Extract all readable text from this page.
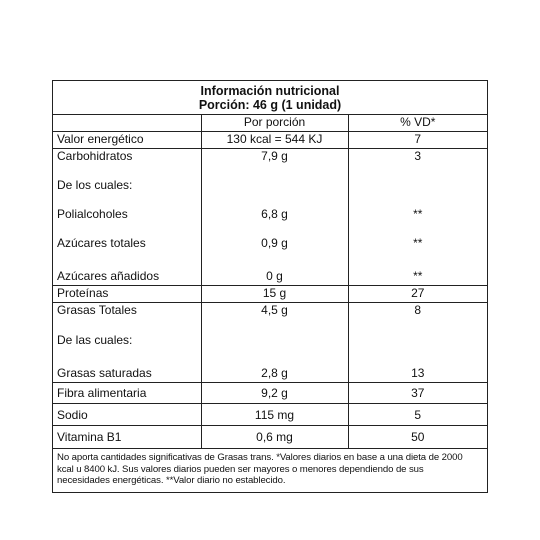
Información nutricional
Porción: 46 g (1 unidad)
	Por porción	% VD*
Valor energético	130 kcal = 544 KJ	7
Carbohidratos	7,9 g	3
De los cuales:		
Polialcoholes	6,8 g	**
Azúcares totales	0,9 g	**
Azúcares añadidos	0 g	**
Proteínas	15 g	27
Grasas Totales	4,5 g	8
De las cuales:		
Grasas saturadas	2,8 g	13
Fibra alimentaria	9,2 g	37
Sodio	115 mg	5
Vitamina B1	0,6 mg	50
No aporta cantidades significativas de Grasas trans. *Valores diarios en base a una dieta de 2000
kcal u 8400 kJ. Sus valores diarios pueden ser mayores o menores dependiendo de sus
necesidades energéticas. **Valor diario no establecido.
